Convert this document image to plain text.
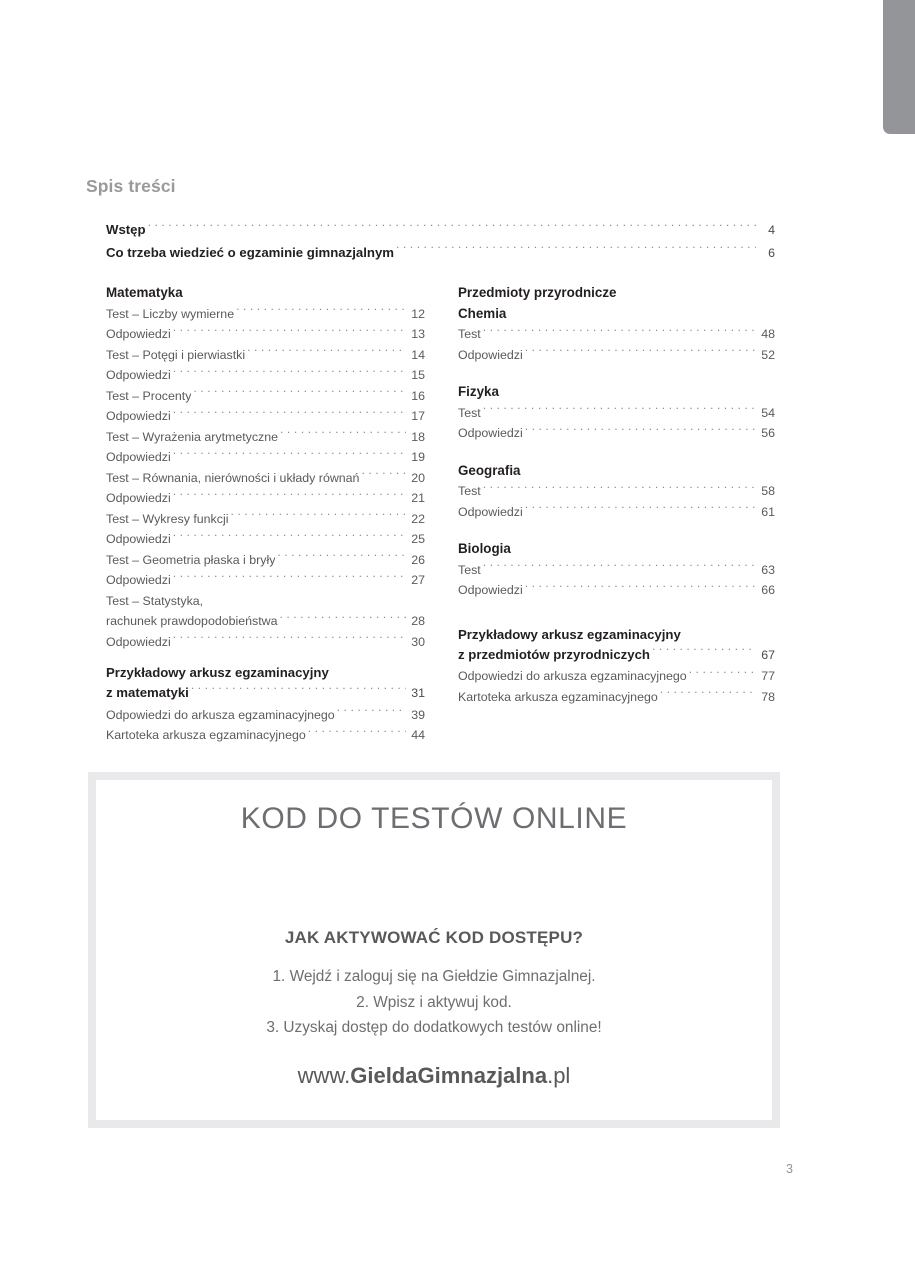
Spis treści
Wstęp . . .	4
Co trzeba wiedzieć o egzaminie gimnazjalnym . . .	6
Matematyka
Test – Liczby wymierne . . .	12
Odpowiedzi . . .	13
Test – Potęgi i pierwiastki . . .	14
Odpowiedzi . . .	15
Test – Procenty . . .	16
Odpowiedzi . . .	17
Test – Wyrażenia arytmetyczne . . .	18
Odpowiedzi . . .	19
Test – Równania, nierówności i układy równań . . .	20
Odpowiedzi . . .	21
Test – Wykresy funkcji . . .	22
Odpowiedzi . . .	25
Test – Geometria płaska i bryły . . .	26
Odpowiedzi . . .	27
Test – Statystyka,
rachunek prawdopodobieństwa . . .	28
Odpowiedzi . . .	30
Przykładowy arkusz egzaminacyjny
z matematyki . . .	31
Odpowiedzi do arkusza egzaminacyjnego . . .	39
Kartoteka arkusza egzaminacyjnego . . .	44
Przedmioty przyrodnicze
Chemia
Test . . .	48
Odpowiedzi . . .	52
Fizyka
Test . . .	54
Odpowiedzi . . .	56
Geografia
Test . . .	58
Odpowiedzi . . .	61
Biologia
Test . . .	63
Odpowiedzi . . .	66
Przykładowy arkusz egzaminacyjny
z przedmiotów przyrodniczych . . .	67
Odpowiedzi do arkusza egzaminacyjnego . . .	77
Kartoteka arkusza egzaminacyjnego . . .	78
KOD DO TESTÓW ONLINE
JAK AKTYWOWAĆ KOD DOSTĘPU?
1. Wejdź i zaloguj się na Giełdzie Gimnazjalnej.
2. Wpisz i aktywuj kod.
3. Uzyskaj dostęp do dodatkowych testów online!
www.GieldaGimnazjalna.pl
3
